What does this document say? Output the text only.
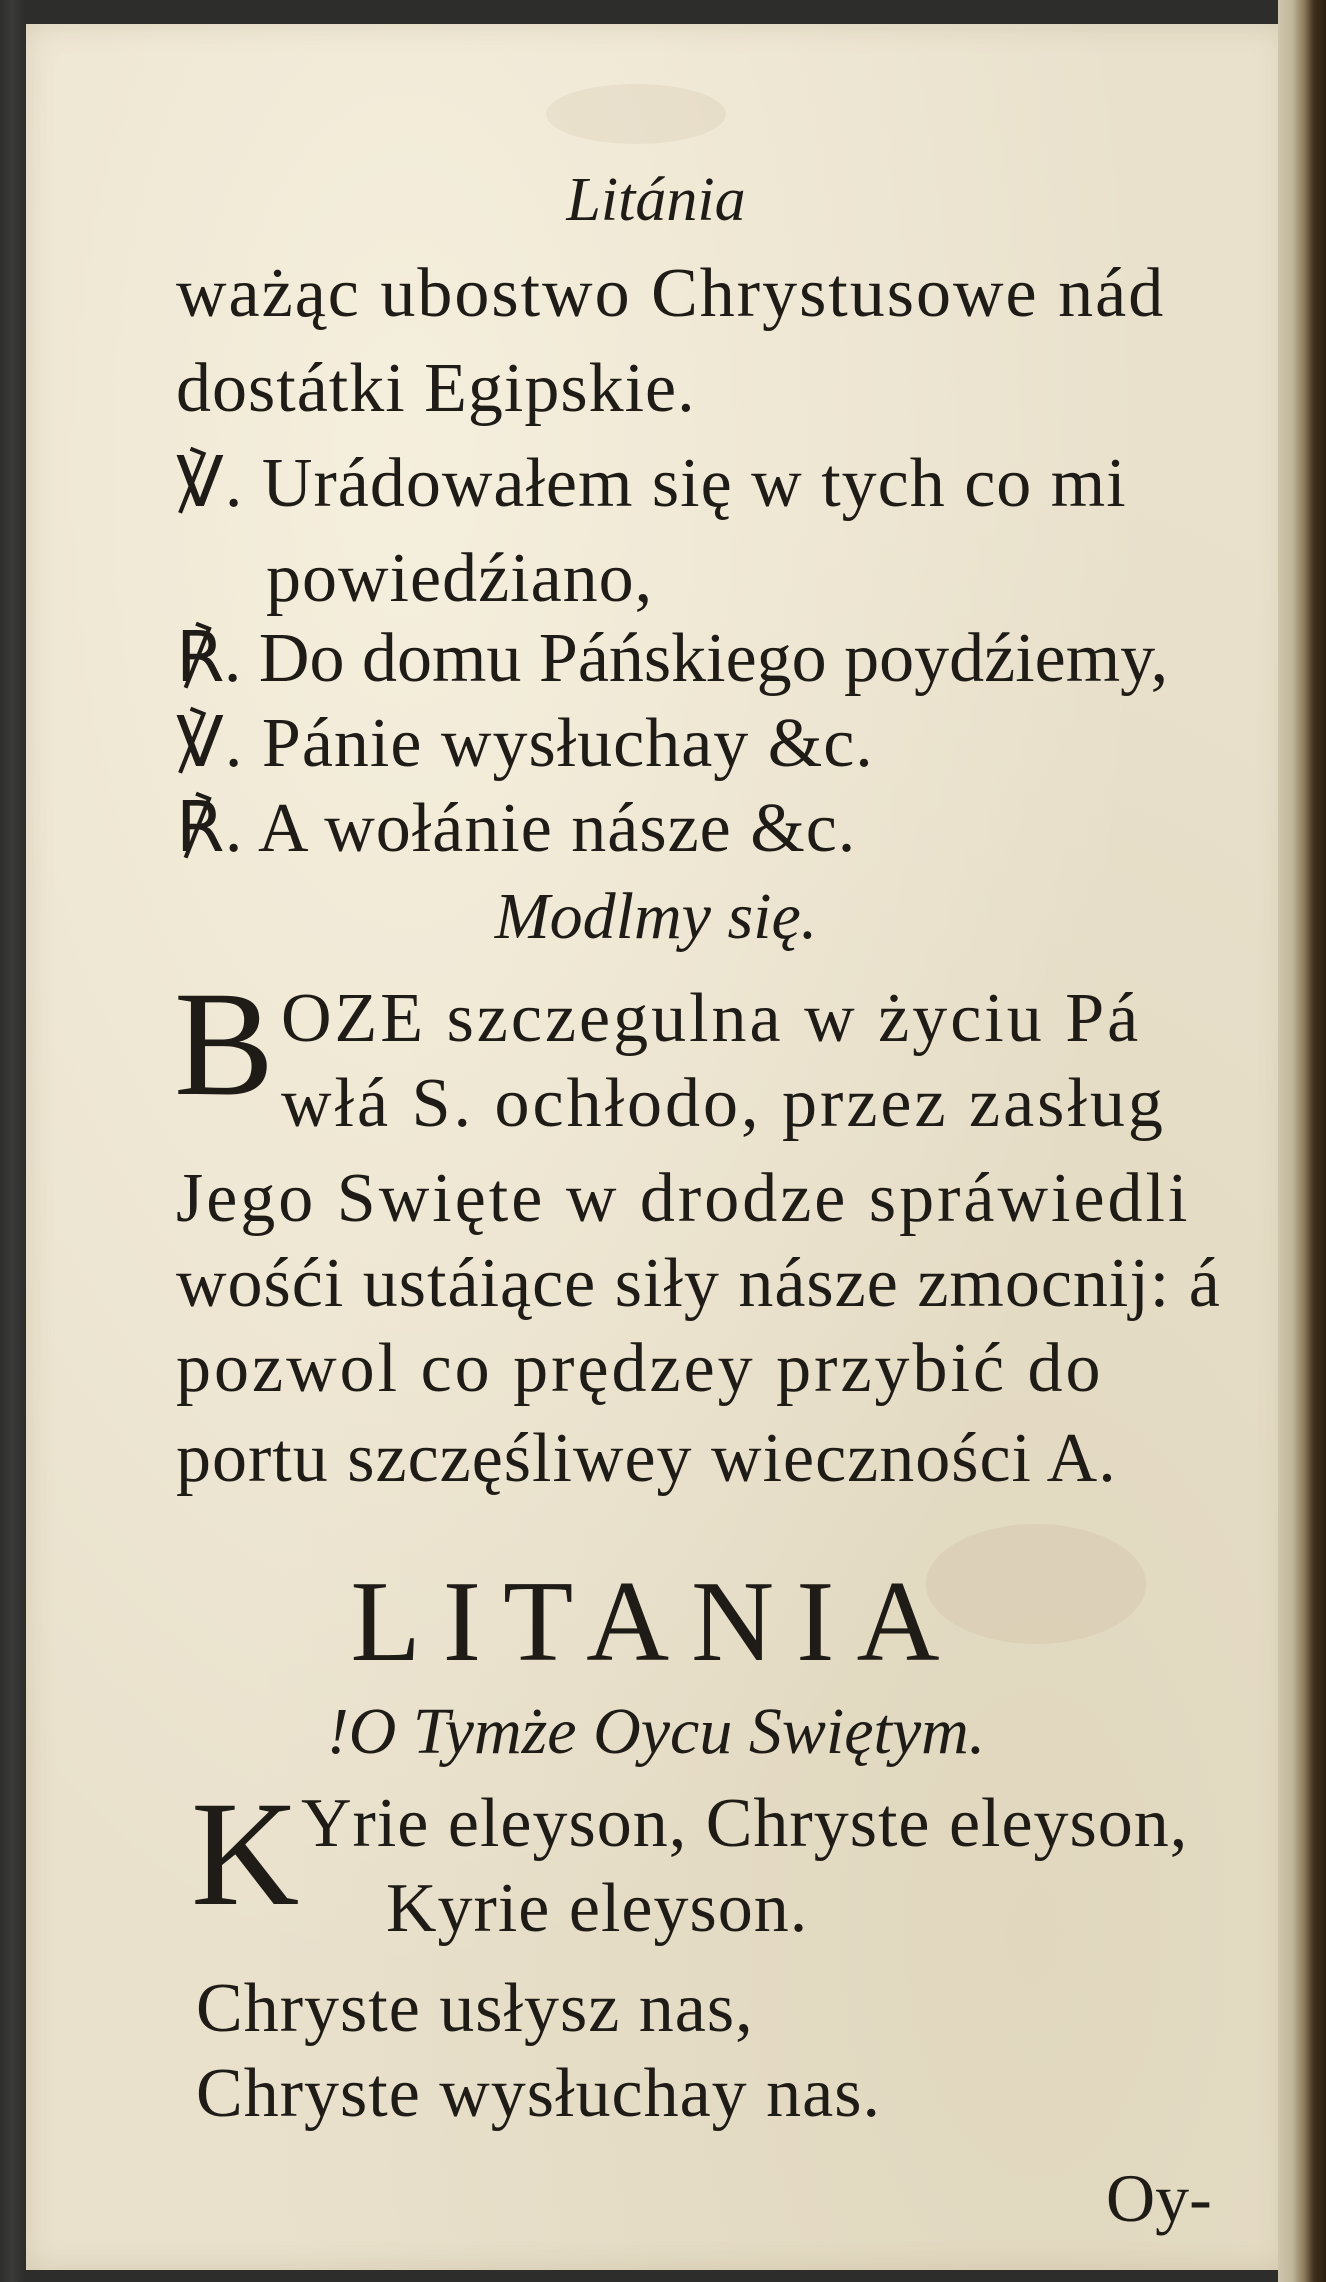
Litánia

ważąc ubostwo Chrystusowe nád

dostátki Egipskie.

℣. Urádowałem się w tych co mi

powiedźiano,

℟. Do domu Páńskiego poydźiemy,

℣. Pánie wysłuchay &c.

℟. A wołánie násze &c.

Modlmy się.

B OZE szczegulna w życiu Pá

włá S. ochłodo, przez zasług

Jego Swięte w drodze spráwiedli

wośći ustáiące siły násze zmocnij: á

pozwol co prędzey przybić do

portu szczęśliwey wieczności A.

LITANIA

!O Tymże Oycu Swiętym.

K Yrie eleyson, Chryste eleyson,

Kyrie eleyson.

Chryste usłysz nas,

Chryste wysłuchay nas.

Oy-
